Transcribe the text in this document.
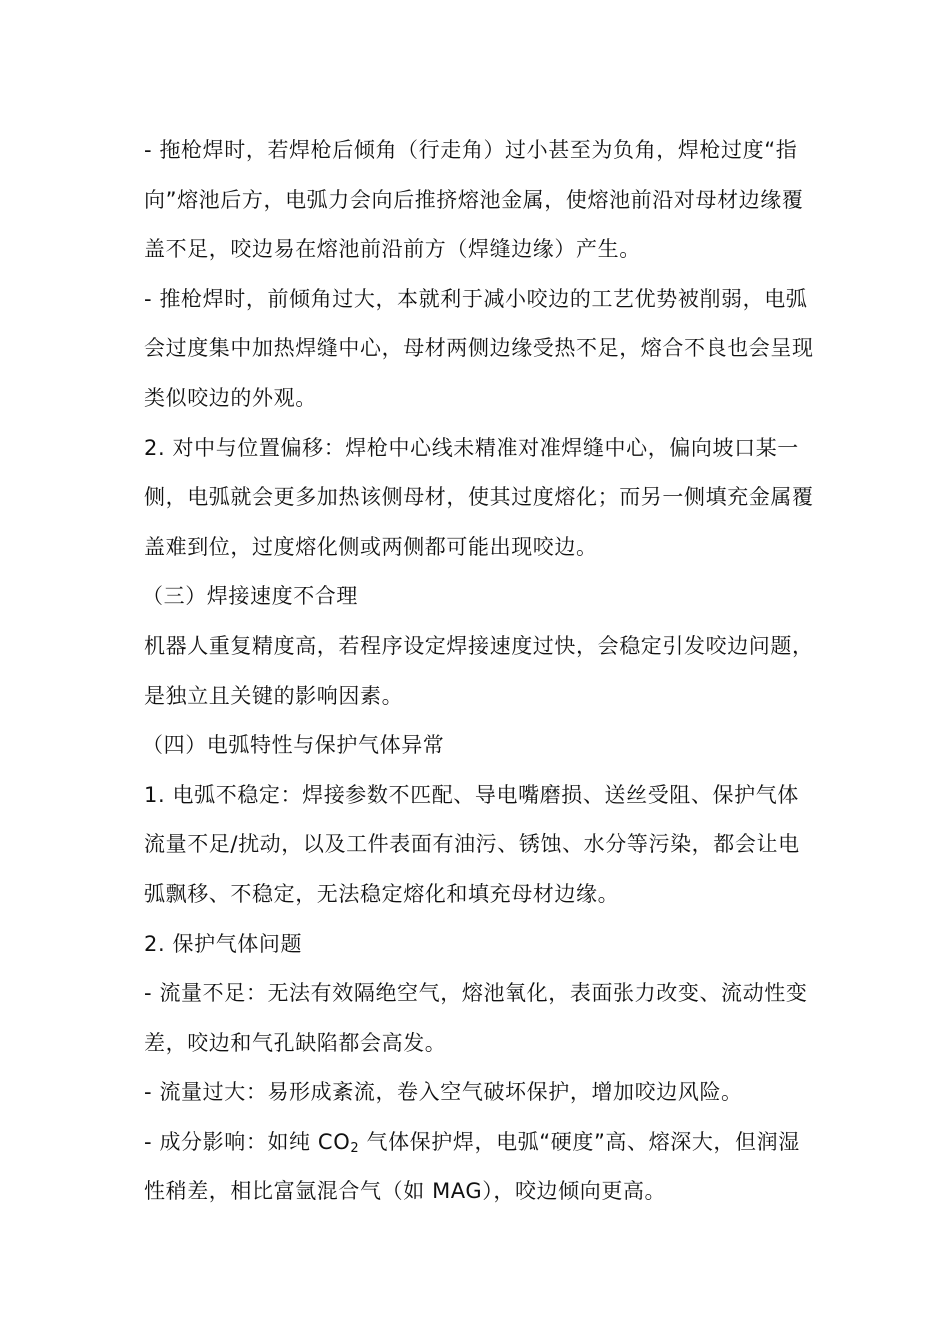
- 拖枪焊时，若焊枪后倾角（行走角）过小甚至为负角，焊枪过度“指向”熔池后方，电弧力会向后推挤熔池金属，使熔池前沿对母材边缘覆盖不足，咬边易在熔池前沿前方（焊缝边缘）产生。

- 推枪焊时，前倾角过大，本就利于减小咬边的工艺优势被削弱，电弧会过度集中加热焊缝中心，母材两侧边缘受热不足，熔合不良也会呈现类似咬边的外观。

2. 对中与位置偏移：焊枪中心线未精准对准焊缝中心，偏向坡口某一侧，电弧就会更多加热该侧母材，使其过度熔化；而另一侧填充金属覆盖难到位，过度熔化侧或两侧都可能出现咬边。

（三）焊接速度不合理

机器人重复精度高，若程序设定焊接速度过快，会稳定引发咬边问题，是独立且关键的影响因素。

（四）电弧特性与保护气体异常

1. 电弧不稳定：焊接参数不匹配、导电嘴磨损、送丝受阻、保护气体流量不足/扰动，以及工件表面有油污、锈蚀、水分等污染，都会让电弧飘移、不稳定，无法稳定熔化和填充母材边缘。

2. 保护气体问题

- 流量不足：无法有效隔绝空气，熔池氧化，表面张力改变、流动性变差，咬边和气孔缺陷都会高发。

- 流量过大：易形成紊流，卷入空气破坏保护，增加咬边风险。

- 成分影响：如纯 $CO_2$ 气体保护焊，电弧“硬度”高、熔深大，但润湿性稍差，相比富氩混合气（如 MAG），咬边倾向更高。
